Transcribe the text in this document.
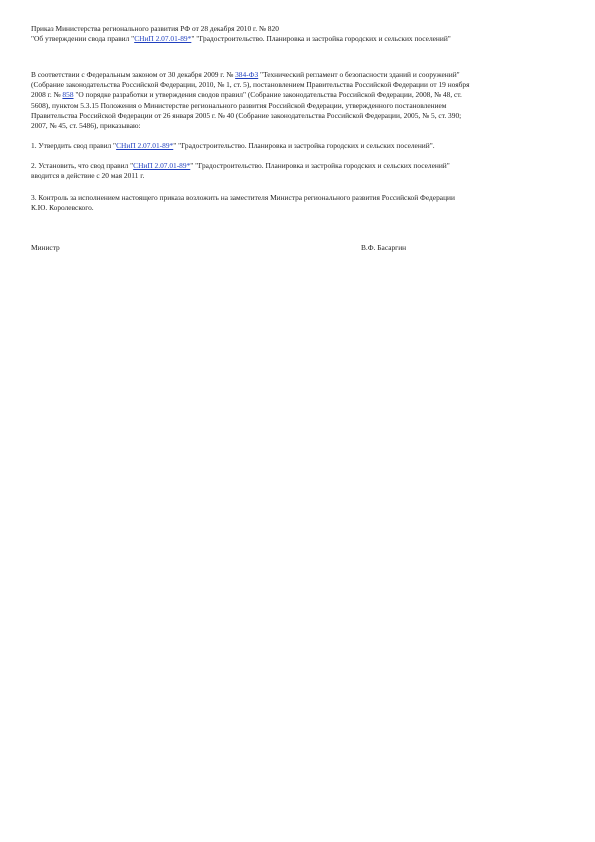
Приказ Министерства регионального развития РФ от 28 декабря 2010 г. № 820
"Об утверждении свода правил "СНиП 2.07.01-89*" "Градостроительство. Планировка и застройка городских и сельских поселений"
В соответствии с Федеральным законом от 30 декабря 2009 г. № 384-ФЗ "Технический регламент о безопасности зданий и сооружений"
(Собрание законодательства Российской Федерации, 2010, № 1, ст. 5), постановлением Правительства Российской Федерации от 19 ноября
2008 г. № 858 "О порядке разработки и утверждения сводов правил" (Собрание законодательства Российской Федерации, 2008, № 48, ст.
5608), пунктом 5.3.15 Положения о Министерстве регионального развития Российской Федерации, утвержденного постановлением
Правительства Российской Федерации от 26 января 2005 г. № 40 (Собрание законодательства Российской Федерации, 2005, № 5, ст. 390;
2007, № 45, ст. 5486), приказываю:
1. Утвердить свод правил "СНиП 2.07.01-89*" "Градостроительство. Планировка и застройка городских и сельских поселений".
2. Установить, что свод правил "СНиП 2.07.01-89*" "Градостроительство. Планировка и застройка городских и сельских поселений"
вводится в действие с 20 мая 2011 г.
3. Контроль за исполнением настоящего приказа возложить на заместителя Министра регионального развития Российской Федерации
К.Ю. Королевского.
Министр	В.Ф. Басаргин
